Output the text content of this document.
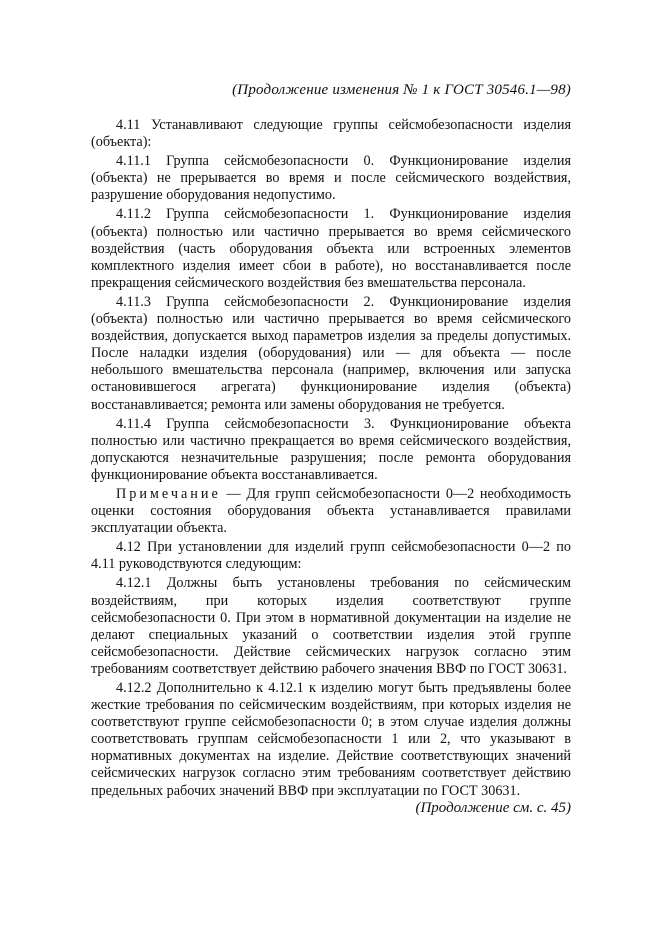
(Продолжение изменения № 1 к ГОСТ 30546.1—98)

4.11 Устанавливают следующие группы сейсмобезопасности изделия (объекта):

4.11.1 Группа сейсмобезопасности 0. Функционирование изделия (объекта) не прерывается во время и после сейсмического воздействия, разрушение оборудования недопустимо.

4.11.2 Группа сейсмобезопасности 1. Функционирование изделия (объекта) полностью или частично прерывается во время сейсмического воздействия (часть оборудования объекта или встроенных элементов комплектного изделия имеет сбои в работе), но восстанавливается после прекращения сейсмического воздействия без вмешательства персонала.

4.11.3 Группа сейсмобезопасности 2. Функционирование изделия (объекта) полностью или частично прерывается во время сейсмического воздействия, допускается выход параметров изделия за пределы допустимых. После наладки изделия (оборудования) или — для объекта — после небольшого вмешательства персонала (например, включения или запуска остановившегося агрегата) функционирование изделия (объекта) восстанавливается; ремонта или замены оборудования не требуется.

4.11.4 Группа сейсмобезопасности 3. Функционирование объекта полностью или частично прекращается во время сейсмического воздействия, допускаются незначительные разрушения; после ремонта оборудования функционирование объекта восстанавливается.

Примечание — Для групп сейсмобезопасности 0—2 необходимость оценки состояния оборудования объекта устанавливается правилами эксплуатации объекта.

4.12 При установлении для изделий групп сейсмобезопасности 0—2 по 4.11 руководствуются следующим:

4.12.1 Должны быть установлены требования по сейсмическим воздействиям, при которых изделия соответствуют группе сейсмобезопасности 0. При этом в нормативной документации на изделие не делают специальных указаний о соответствии изделия этой группе сейсмобезопасности. Действие сейсмических нагрузок согласно этим требованиям соответствует действию рабочего значения ВВФ по ГОСТ 30631.

4.12.2 Дополнительно к 4.12.1 к изделию могут быть предъявлены более жесткие требования по сейсмическим воздействиям, при которых изделия не соответствуют группе сейсмобезопасности 0; в этом случае изделия должны соответствовать группам сейсмобезопасности 1 или 2, что указывают в нормативных документах на изделие. Действие соответствующих значений сейсмических нагрузок согласно этим требованиям соответствует действию предельных рабочих значений ВВФ при эксплуатации по ГОСТ 30631.

(Продолжение см. с. 45)
